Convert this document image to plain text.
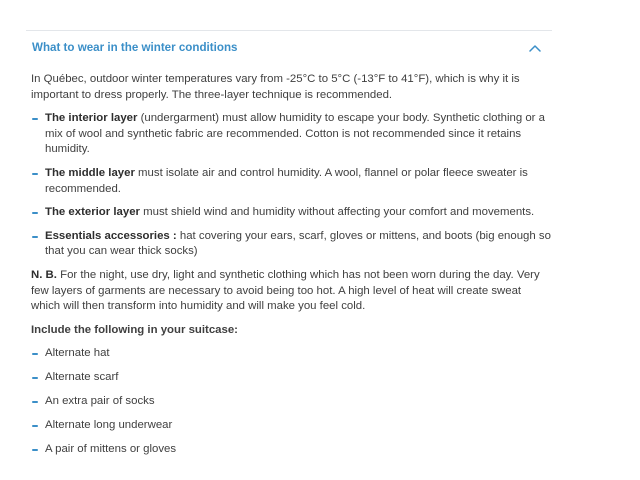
What to wear in the winter conditions

In Québec, outdoor winter temperatures vary from -25°C to 5°C (-13°F to 41°F), which is why it is important to dress properly. The three-layer technique is recommended.

The interior layer (undergarment) must allow humidity to escape your body. Synthetic clothing or a mix of wool and synthetic fabric are recommended. Cotton is not recommended since it retains humidity.
The middle layer must isolate air and control humidity. A wool, flannel or polar fleece sweater is recommended.
The exterior layer must shield wind and humidity without affecting your comfort and movements.
Essentials accessories : hat covering your ears, scarf, gloves or mittens, and boots (big enough so that you can wear thick socks)

N. B. For the night, use dry, light and synthetic clothing which has not been worn during the day. Very few layers of garments are necessary to avoid being too hot. A high level of heat will create sweat which will then transform into humidity and will make you feel cold.

Include the following in your suitcase:

Alternate hat
Alternate scarf
An extra pair of socks
Alternate long underwear
A pair of mittens or gloves
